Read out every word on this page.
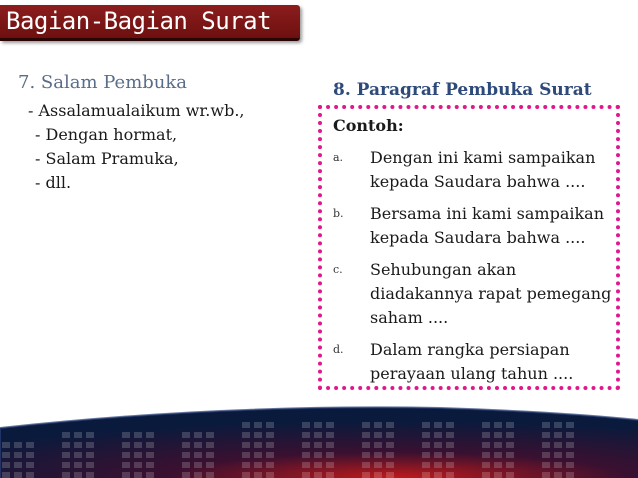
Bagian-Bagian Surat
7. Salam Pembuka
- Assalamualaikum wr.wb.,
- Dengan hormat,
- Salam Pramuka,
- dll.
8. Paragraf Pembuka Surat
Contoh:
a.	Dengan ini kami sampaikan kepada Saudara bahwa ....
b.	Bersama ini kami sampaikan kepada Saudara bahwa ....
c.	Sehubungan akan diadakannya rapat pemegang saham ....
d.	Dalam rangka persiapan perayaan ulang tahun ....
